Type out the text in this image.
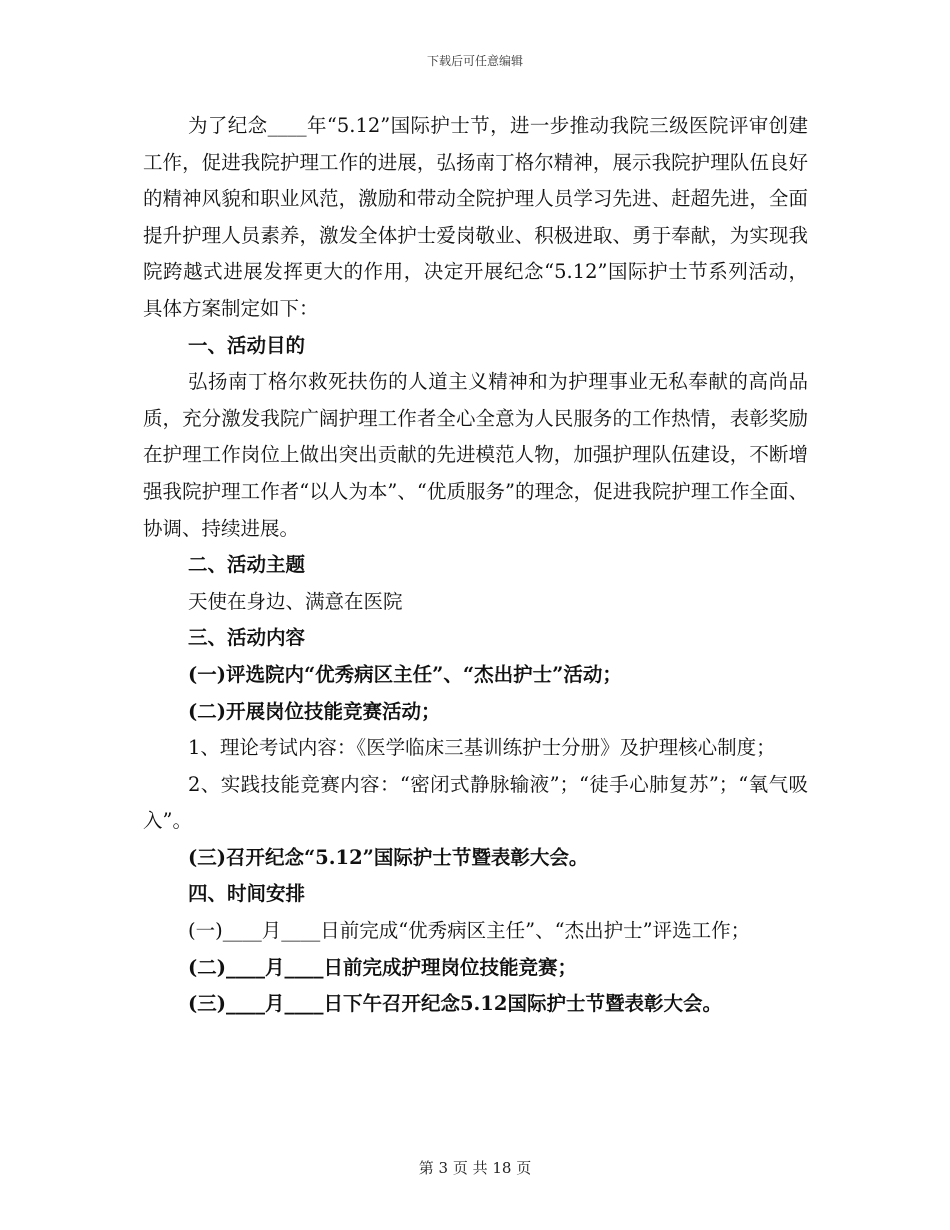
下载后可任意编辑

为了纪念____年“5.12”国际护士节，进一步推动我院三级医院评审创建工作，促进我院护理工作的进展，弘扬南丁格尔精神，展示我院护理队伍良好的精神风貌和职业风范，激励和带动全院护理人员学习先进、赶超先进，全面提升护理人员素养，激发全体护士爱岗敬业、积极进取、勇于奉献，为实现我院跨越式进展发挥更大的作用，决定开展纪念“5.12”国际护士节系列活动，具体方案制定如下：

一、活动目的

弘扬南丁格尔救死扶伤的人道主义精神和为护理事业无私奉献的高尚品质，充分激发我院广阔护理工作者全心全意为人民服务的工作热情，表彰奖励在护理工作岗位上做出突出贡献的先进模范人物，加强护理队伍建设，不断增强我院护理工作者“以人为本”、“优质服务”的理念，促进我院护理工作全面、协调、持续进展。

二、活动主题

天使在身边、满意在医院

三、活动内容

(一)评选院内“优秀病区主任”、“杰出护士”活动；

(二)开展岗位技能竞赛活动；

1、理论考试内容：《医学临床三基训练护士分册》及护理核心制度；

2、实践技能竞赛内容：“密闭式静脉输液”；“徒手心肺复苏”；“氧气吸入”。

(三)召开纪念“5.12”国际护士节暨表彰大会。

四、时间安排

(一)____月____日前完成“优秀病区主任”、“杰出护士”评选工作；

(二)____月____日前完成护理岗位技能竞赛；

(三)____月____日下午召开纪念5.12国际护士节暨表彰大会。

第 3 页 共 18 页
